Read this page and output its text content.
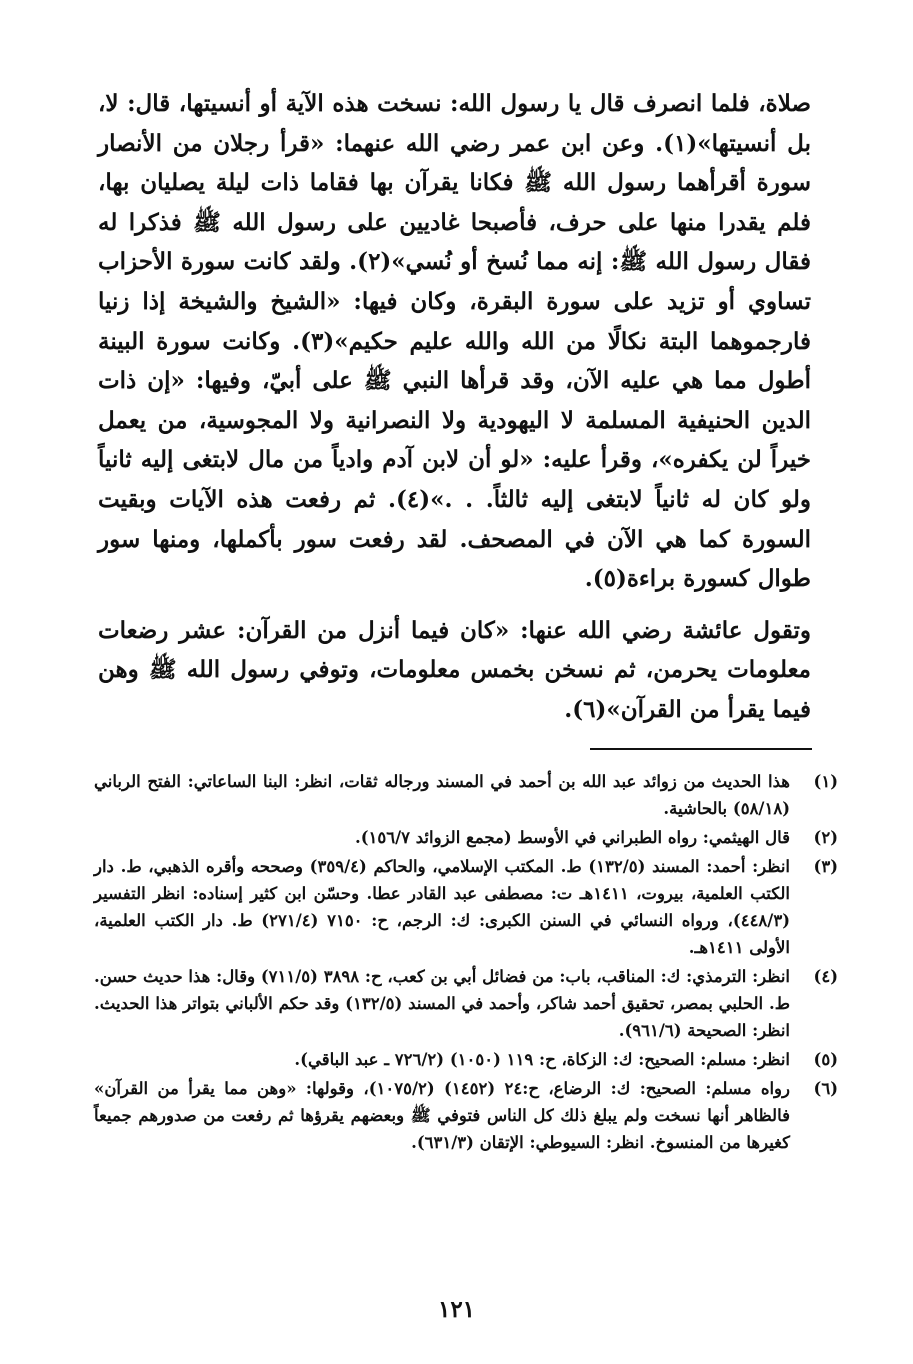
صلاة، فلما انصرف قال يا رسول الله: نسخت هذه الآية أو أنسيتها، قال: لا، بل أنسيتها»(١). وعن ابن عمر رضي الله عنهما: «قرأ رجلان من الأنصار سورة أقرأهما رسول الله ﷺ فكانا يقرآن بها فقاما ذات ليلة يصليان بها، فلم يقدرا منها على حرف، فأصبحا غاديين على رسول الله ﷺ فذكرا له فقال رسول الله ﷺ: إنه مما نُسخ أو نُسي»(٢). ولقد كانت سورة الأحزاب تساوي أو تزيد على سورة البقرة، وكان فيها: «الشيخ والشيخة إذا زنيا فارجموهما البتة نكالًا من الله والله عليم حكيم»(٣). وكانت سورة البينة أطول مما هي عليه الآن، وقد قرأها النبي ﷺ على أبيّ، وفيها: «إن ذات الدين الحنيفية المسلمة لا اليهودية ولا النصرانية ولا المجوسية، من يعمل خيراً لن يكفره»، وقرأ عليه: «لو أن لابن آدم وادياً من مال لابتغى إليه ثانياً ولو كان له ثانياً لابتغى إليه ثالثاً. . .»(٤). ثم رفعت هذه الآيات وبقيت السورة كما هي الآن في المصحف. لقد رفعت سور بأكملها، ومنها سور طوال كسورة براءة(٥).

وتقول عائشة رضي الله عنها: «كان فيما أنزل من القرآن: عشر رضعات معلومات يحرمن، ثم نسخن بخمس معلومات، وتوفي رسول الله ﷺ وهن فيما يقرأ من القرآن»(٦).

(١)
هذا الحديث من زوائد عبد الله بن أحمد في المسند ورجاله ثقات، انظر: البنا الساعاتي: الفتح الرباني (٥٨/١٨) بالحاشية.
(٢)
قال الهيثمي: رواه الطبراني في الأوسط (مجمع الزوائد ١٥٦/٧).
(٣)
انظر: أحمد: المسند (١٣٢/٥) ط. المكتب الإسلامي، والحاكم (٣٥٩/٤) وصححه وأقره الذهبي، ط. دار الكتب العلمية، بيروت، ١٤١١هـ ت: مصطفى عبد القادر عطا. وحسّن ابن كثير إسناده: انظر التفسير (٤٤٨/٣)، ورواه النسائي في السنن الكبرى: ك: الرجم، ح: ٧١٥٠ (٢٧١/٤) ط. دار الكتب العلمية، الأولى ١٤١١هـ.
(٤)
انظر: الترمذي: ك: المناقب، باب: من فضائل أبي بن كعب، ح: ٣٨٩٨ (٧١١/٥) وقال: هذا حديث حسن. ط. الحلبي بمصر، تحقيق أحمد شاكر، وأحمد في المسند (١٣٢/٥) وقد حكم الألباني بتواتر هذا الحديث. انظر: الصحيحة (٩٦١/٦).
(٥)
انظر: مسلم: الصحيح: ك: الزكاة، ح: ١١٩ (١٠٥٠) (٧٢٦/٢ ـ عبد الباقي).
(٦)
رواه مسلم: الصحيح: ك: الرضاع، ح:٢٤ (١٤٥٢) (١٠٧٥/٢)، وقولها: «وهن مما يقرأ من القرآن» فالظاهر أنها نسخت ولم يبلغ ذلك كل الناس فتوفي ﷺ وبعضهم يقرؤها ثم رفعت من صدورهم جميعاً كغيرها من المنسوخ. انظر: السيوطي: الإتقان (٦٣١/٣).
١٢١
